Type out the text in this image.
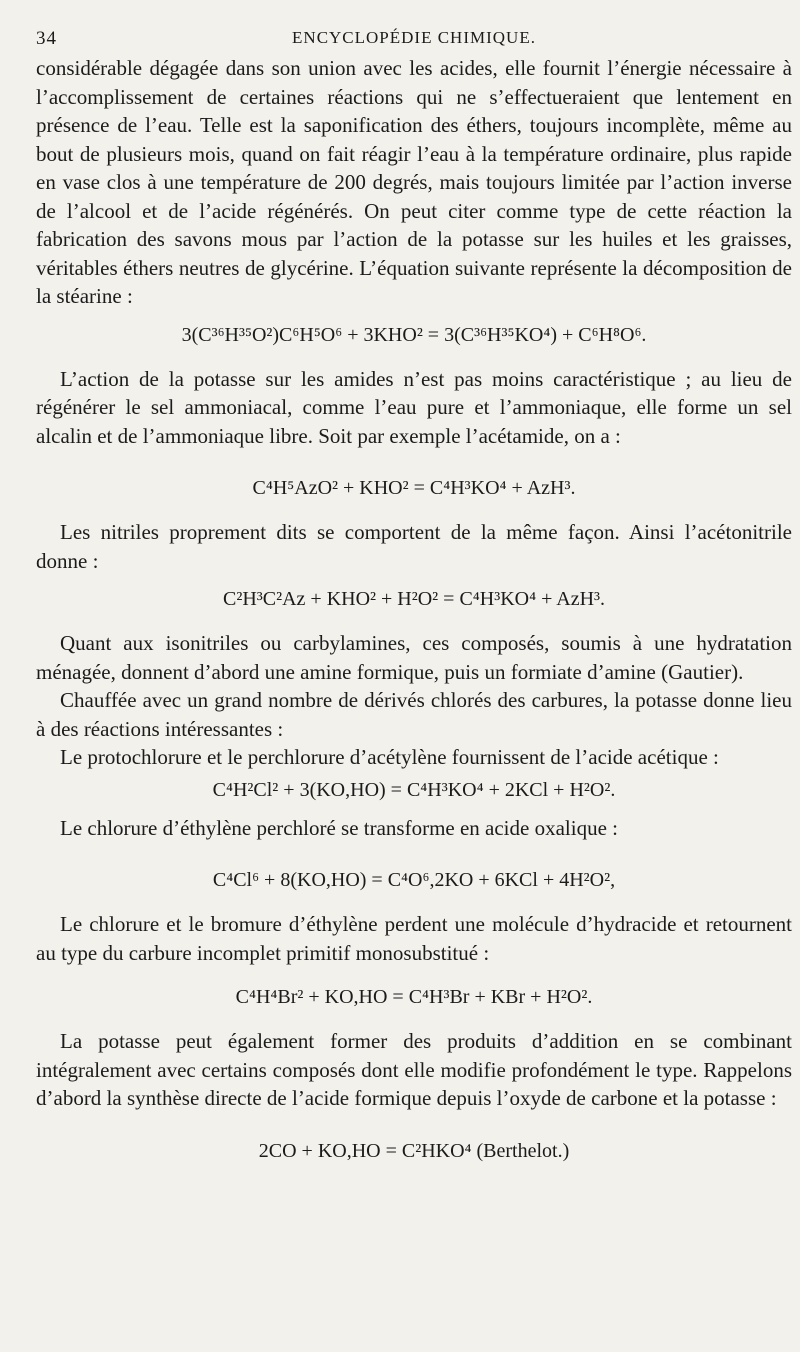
34	ENCYCLOPÉDIE CHIMIQUE.

considérable dégagée dans son union avec les acides, elle fournit l’énergie nécessaire à l’accomplissement de certaines réactions qui ne s’effectueraient que lentement en présence de l’eau. Telle est la saponification des éthers, toujours incomplète, même au bout de plusieurs mois, quand on fait réagir l’eau à la température ordinaire, plus rapide en vase clos à une température de 200 degrés, mais toujours limitée par l’action inverse de l’alcool et de l’acide régénérés. On peut citer comme type de cette réaction la fabrication des savons mous par l’action de la potasse sur les huiles et les graisses, véritables éthers neutres de glycérine. L’équation suivante représente la décomposition de la stéarine :

3(C³⁶H³⁵O²)C⁶H⁵O⁶ + 3KHO² = 3(C³⁶H³⁵KO⁴) + C⁶H⁸O⁶.

L’action de la potasse sur les amides n’est pas moins caractéristique ; au lieu de régénérer le sel ammoniacal, comme l’eau pure et l’ammoniaque, elle forme un sel alcalin et de l’ammoniaque libre. Soit par exemple l’acétamide, on a :

C⁴H⁵AzO² + KHO² = C⁴H³KO⁴ + AzH³.

Les nitriles proprement dits se comportent de la même façon. Ainsi l’acétonitrile donne :

C²H³C²Az + KHO² + H²O² = C⁴H³KO⁴ + AzH³.

Quant aux isonitriles ou carbylamines, ces composés, soumis à une hydratation ménagée, donnent d’abord une amine formique, puis un formiate d’amine (Gautier).

Chauffée avec un grand nombre de dérivés chlorés des carbures, la potasse donne lieu à des réactions intéressantes :

Le protochlorure et le perchlorure d’acétylène fournissent de l’acide acétique :

C⁴H²Cl² + 3(KO,HO) = C⁴H³KO⁴ + 2KCl + H²O².

Le chlorure d’éthylène perchloré se transforme en acide oxalique :

C⁴Cl⁶ + 8(KO,HO) = C⁴O⁶,2KO + 6KCl + 4H²O²,

Le chlorure et le bromure d’éthylène perdent une molécule d’hydracide et retournent au type du carbure incomplet primitif monosubstitué :

C⁴H⁴Br² + KO,HO = C⁴H³Br + KBr + H²O².

La potasse peut également former des produits d’addition en se combinant intégralement avec certains composés dont elle modifie profondément le type. Rappelons d’abord la synthèse directe de l’acide formique depuis l’oxyde de carbone et la potasse :

2CO + KO,HO = C²HKO⁴ (Berthelot.)
